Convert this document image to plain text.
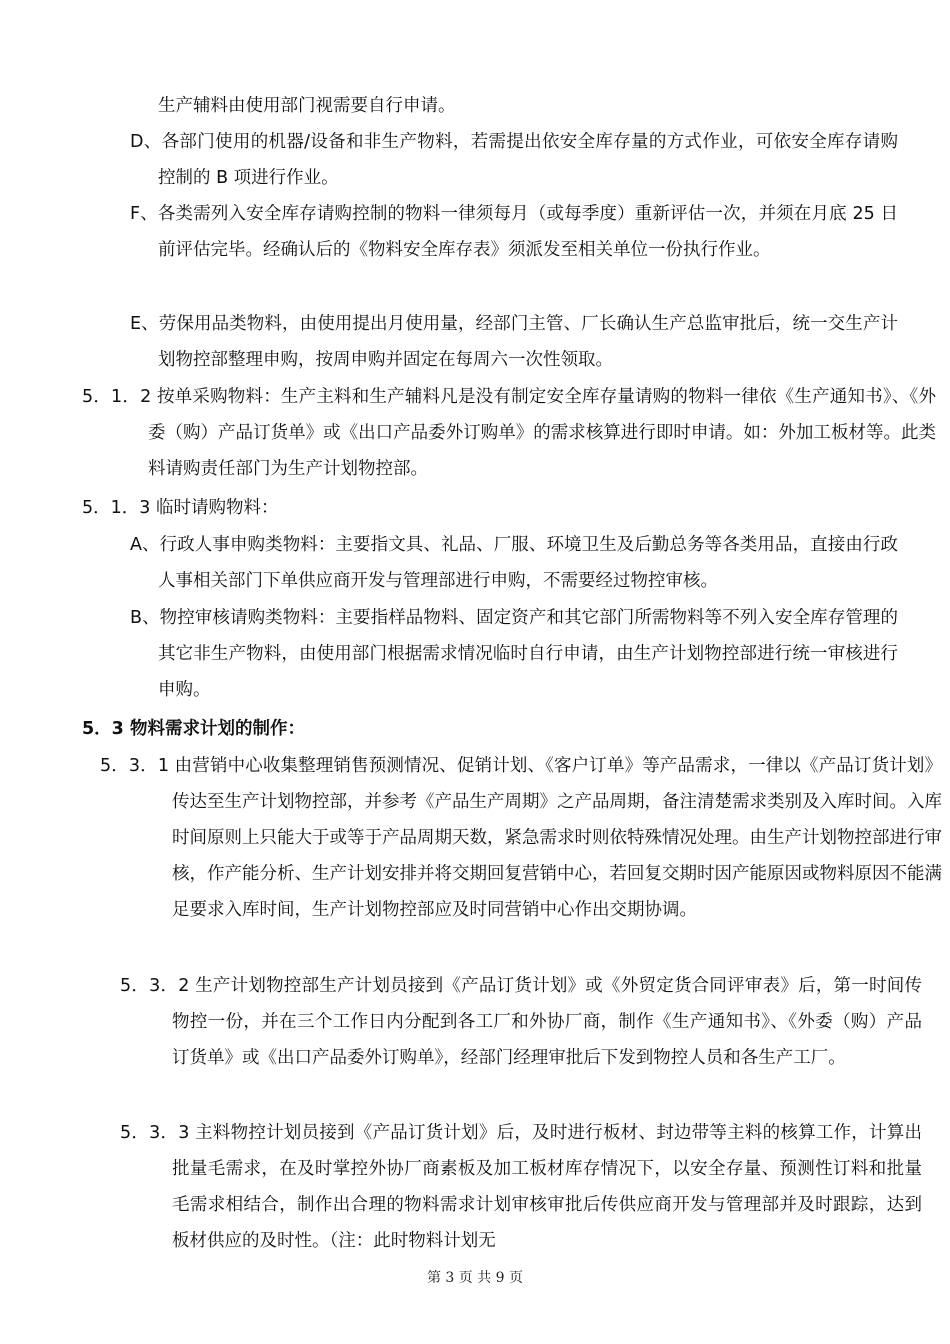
生产辅料由使用部门视需要自行申请。

D、各部门使用的机器/设备和非生产物料，若需提出依安全库存量的方式作业，可依安全库存请购控制的 B 项进行作业。

F、各类需列入安全库存请购控制的物料一律须每月（或每季度）重新评估一次，并须在月底 25 日前评估完毕。经确认后的《物料安全库存表》须派发至相关单位一份执行作业。

E、劳保用品类物料，由使用提出月使用量，经部门主管、厂长确认生产总监审批后，统一交生产计划物控部整理申购，按周申购并固定在每周六一次性领取。

5．1．2 按单采购物料：生产主料和生产辅料凡是没有制定安全库存量请购的物料一律依《生产通知书》、《外委（购）产品订货单》或《出口产品委外订购单》的需求核算进行即时申请。如：外加工板材等。此类料请购责任部门为生产计划物控部。

5．1．3 临时请购物料：

A、行政人事申购类物料：主要指文具、礼品、厂服、环境卫生及后勤总务等各类用品，直接由行政人事相关部门下单供应商开发与管理部进行申购，不需要经过物控审核。

B、物控审核请购类物料：主要指样品物料、固定资产和其它部门所需物料等不列入安全库存管理的其它非生产物料，由使用部门根据需求情况临时自行申请，由生产计划物控部进行统一审核进行申购。

5．3 物料需求计划的制作：

5．3．1 由营销中心收集整理销售预测情况、促销计划、《客户订单》等产品需求，一律以《产品订货计划》传达至生产计划物控部，并参考《产品生产周期》之产品周期，备注清楚需求类别及入库时间。入库时间原则上只能大于或等于产品周期天数，紧急需求时则依特殊情况处理。由生产计划物控部进行审核，作产能分析、生产计划安排并将交期回复营销中心，若回复交期时因产能原因或物料原因不能满足要求入库时间，生产计划物控部应及时同营销中心作出交期协调。

5．3．2 生产计划物控部生产计划员接到《产品订货计划》或《外贸定货合同评审表》后，第一时间传物控一份，并在三个工作日内分配到各工厂和外协厂商，制作《生产通知书》、《外委（购）产品订货单》或《出口产品委外订购单》，经部门经理审批后下发到物控人员和各生产工厂。

5．3．3 主料物控计划员接到《产品订货计划》后，及时进行板材、封边带等主料的核算工作，计算出批量毛需求，在及时掌控外协厂商素板及加工板材库存情况下，以安全存量、预测性订料和批量毛需求相结合，制作出合理的物料需求计划审核审批后传供应商开发与管理部并及时跟踪，达到板材供应的及时性。（注：此时物料计划无

第 3 页 共 9 页
